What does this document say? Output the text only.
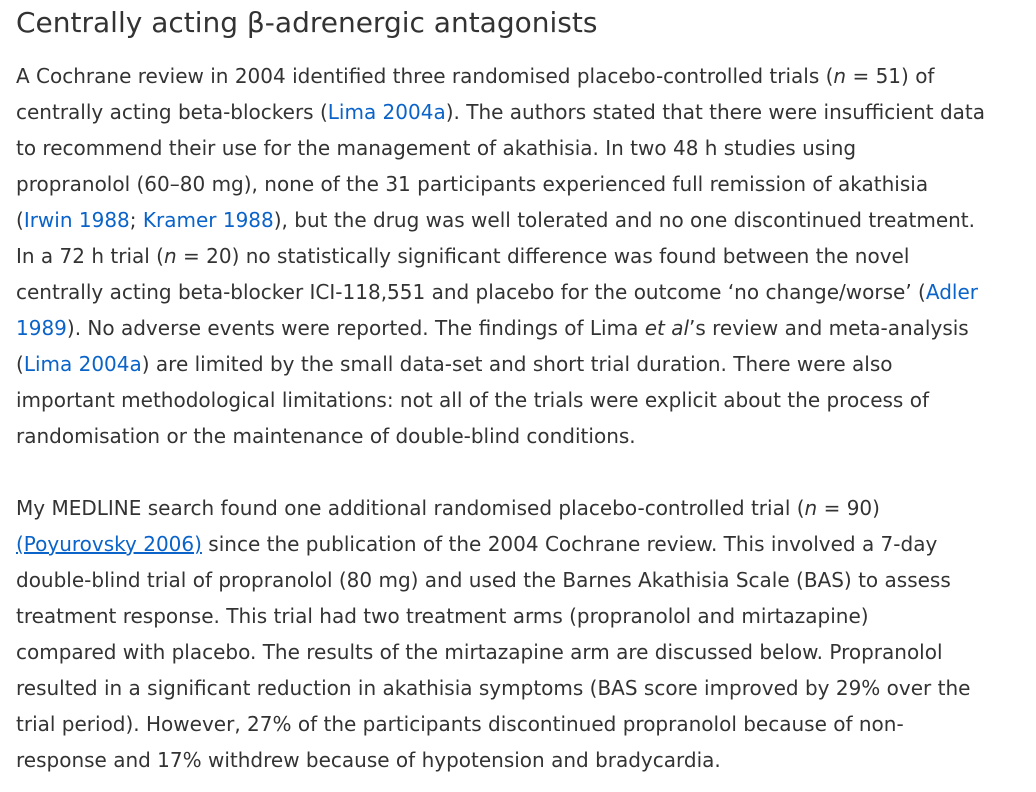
Centrally acting β-adrenergic antagonists

A Cochrane review in 2004 identified three randomised placebo-controlled trials (n = 51) of
centrally acting beta-blockers (Lima 2004a). The authors stated that there were insufficient data
to recommend their use for the management of akathisia. In two 48 h studies using
propranolol (60–80 mg), none of the 31 participants experienced full remission of akathisia
(Irwin 1988; Kramer 1988), but the drug was well tolerated and no one discontinued treatment.
In a 72 h trial (n = 20) no statistically significant difference was found between the novel
centrally acting beta-blocker ICI-118,551 and placebo for the outcome ‘no change/worse’ (Adler
1989). No adverse events were reported. The findings of Lima et al’s review and meta-analysis
(Lima 2004a) are limited by the small data-set and short trial duration. There were also
important methodological limitations: not all of the trials were explicit about the process of
randomisation or the maintenance of double-blind conditions.

My MEDLINE search found one additional randomised placebo-controlled trial (n = 90)
(Poyurovsky 2006) since the publication of the 2004 Cochrane review. This involved a 7-day
double-blind trial of propranolol (80 mg) and used the Barnes Akathisia Scale (BAS) to assess
treatment response. This trial had two treatment arms (propranolol and mirtazapine)
compared with placebo. The results of the mirtazapine arm are discussed below. Propranolol
resulted in a significant reduction in akathisia symptoms (BAS score improved by 29% over the
trial period). However, 27% of the participants discontinued propranolol because of non-
response and 17% withdrew because of hypotension and bradycardia.
